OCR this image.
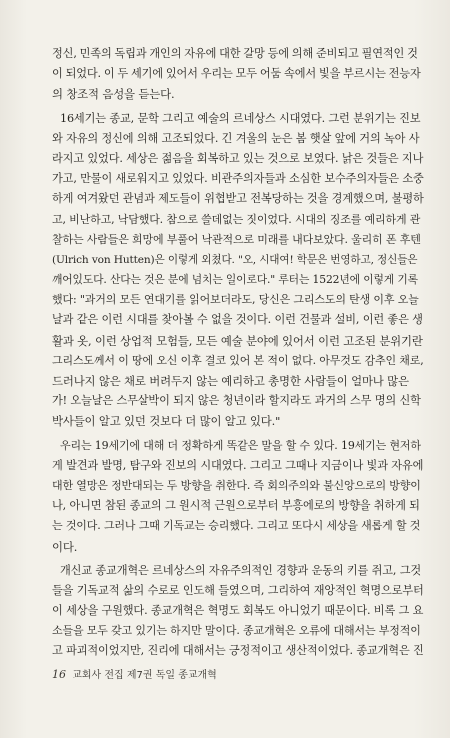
정신, 민족의 독립과 개인의 자유에 대한 갈망 등에 의해 준비되고 필연적인 것
이 되었다. 이 두 세기에 있어서 우리는 모두 어둠 속에서 빛을 부르시는 전능자
의 창조적 음성을 듣는다.
16세기는 종교, 문학 그리고 예술의 르네상스 시대였다. 그런 분위기는 진보
와 자유의 정신에 의해 고조되었다. 긴 겨울의 눈은 봄 햇살 앞에 거의 녹아 사
라지고 있었다. 세상은 젊음을 회복하고 있는 것으로 보였다. 낡은 것들은 지나
가고, 만물이 새로워지고 있었다. 비관주의자들과 소심한 보수주의자들은 소중
하게 여겨왔던 관념과 제도들이 위협받고 전복당하는 것을 경계했으며, 불평하
고, 비난하고, 낙담했다. 참으로 쓸데없는 짓이었다. 시대의 징조를 예리하게 관
찰하는 사람들은 희망에 부풀어 낙관적으로 미래를 내다보았다. 울리히 폰 후텐
(Ulrich von Hutten)은 이렇게 외쳤다. "오, 시대여! 학문은 번영하고, 정신들은
깨어있도다. 산다는 것은 분에 넘치는 일이로다." 루터는 1522년에 이렇게 기록
했다: "과거의 모든 연대기를 읽어보더라도, 당신은 그리스도의 탄생 이후 오늘
날과 같은 이런 시대를 찾아볼 수 없을 것이다. 이런 건물과 설비, 이런 좋은 생
활과 옷, 이런 상업적 모험들, 모든 예술 분야에 있어서 이런 고조된 분위기란
그리스도께서 이 땅에 오신 이후 결코 있어 본 적이 없다. 아무것도 감추인 채로,
드러나지 않은 채로 버려두지 않는 예리하고 총명한 사람들이 얼마나 많은
가! 오늘날은 스무살박이 되지 않은 청년이라 할지라도 과거의 스무 명의 신학
박사들이 알고 있던 것보다 더 많이 알고 있다."
우리는 19세기에 대해 더 정확하게 똑같은 말을 할 수 있다. 19세기는 현저하
게 발견과 발명, 탐구와 진보의 시대였다. 그리고 그때나 지금이나 빛과 자유에
대한 열망은 정반대되는 두 방향을 취한다. 즉 회의주의와 불신앙으로의 방향이
나, 아니면 참된 종교의 그 원시적 근원으로부터 부흥에로의 방향을 취하게 되
는 것이다. 그러나 그때 기독교는 승리했다. 그리고 또다시 세상을 새롭게 할 것
이다.
개신교 종교개혁은 르네상스의 자유주의적인 경향과 운동의 키를 쥐고, 그것
들을 기독교적 삶의 수로로 인도해 들였으며, 그리하여 재앙적인 혁명으로부터
이 세상을 구원했다. 종교개혁은 혁명도 회복도 아니었기 때문이다. 비록 그 요
소들을 모두 갖고 있기는 하지만 말이다. 종교개혁은 오류에 대해서는 부정적이
고 파괴적이었지만, 진리에 대해서는 긍정적이고 생산적이었다. 종교개혁은 진
16 교회사 전집 제7권 독일 종교개혁
